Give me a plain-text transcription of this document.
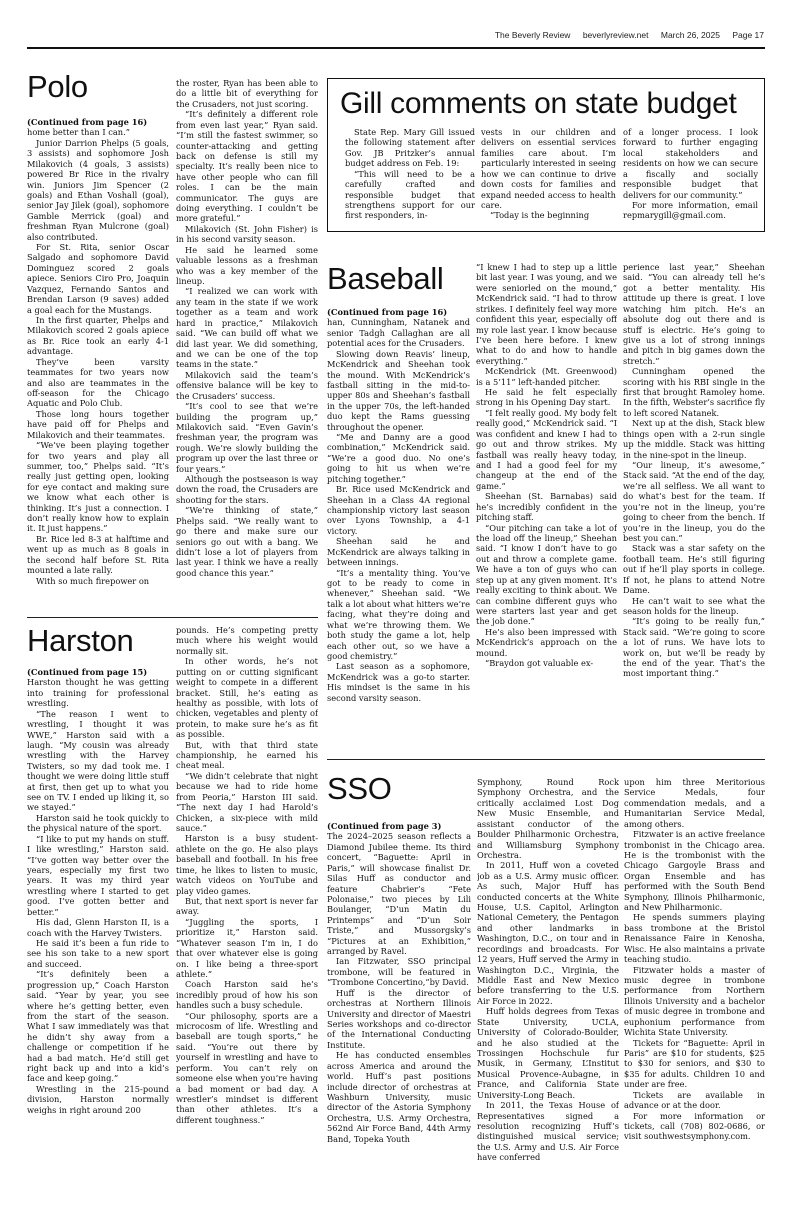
The Beverly Review beverlyreview.net March 26, 2025 Page 17
Polo

(Continued from page 16)
home better than I can.”

Junior Darrion Phelps (5 goals, 3 assists) and sophomore Josh Milakovich (4 goals, 3 assists) powered Br Rice in the rivalry win. Juniors Jim Spencer (2 goals) and Ethan Voshall (goal), senior Jay Jilek (goal), sophomore Gamble Merrick (goal) and freshman Ryan Mulcrone (goal) also contributed.

For St. Rita, senior Oscar Salgado and sophomore David Dominguez scored 2 goals apiece. Seniors Ciro Pro, Joaquin Vazquez, Fernando Santos and Brendan Larson (9 saves) added a goal each for the Mustangs.

In the first quarter, Phelps and Milakovich scored 2 goals apiece as Br. Rice took an early 4-1 advantage.

They’ve been varsity teammates for two years now and also are teammates in the off-season for the Chicago Aquatic and Polo Club.

Those long hours together have paid off for Phelps and Milakovich and their teammates.

“We’ve been playing together for two years and play all summer, too,” Phelps said. “It’s really just getting open, looking for eye contact and making sure we know what each other is thinking. It’s just a connection. I don’t really know how to explain it. It just happens.”

Br. Rice led 8-3 at halftime and went up as much as 8 goals in the second half before St. Rita mounted a late rally.

With so much firepower on

the roster, Ryan has been able to do a little bit of everything for the Crusaders, not just scoring.

“It’s definitely a different role from even last year,” Ryan said. “I’m still the fastest swimmer, so counter-attacking and getting back on defense is still my specialty. It’s really been nice to have other people who can fill roles. I can be the main communicator. The guys are doing everything. I couldn’t be more grateful.”

Milakovich (St. John Fisher) is in his second varsity season.

He said he learned some valuable lessons as a freshman who was a key member of the lineup.

“I realized we can work with any team in the state if we work together as a team and work hard in practice,” Milakovich said. “We can build off what we did last year. We did something, and we can be one of the top teams in the state.”

Milakovich said the team’s offensive balance will be key to the Crusaders’ success.

“It’s cool to see that we’re building the program up,” Milakovich said. “Even Gavin’s freshman year, the program was rough. We’re slowly building the program up over the last three or four years.”

Although the postseason is way down the road, the Crusaders are shooting for the stars.

“We’re thinking of state,” Phelps said. “We really want to go there and make sure our seniors go out with a bang. We didn’t lose a lot of players from last year. I think we have a really good chance this year.”

Gill comments on state budget

State Rep. Mary Gill issued the following statement after Gov. JB Pritzker’s annual budget address on Feb. 19:

“This will need to be a carefully crafted and responsible budget that strengthens support for our first responders, in-

vests in our children and delivers on essential services families care about. I’m particularly interested in seeing how we can continue to drive down costs for families and expand needed access to health care.

“Today is the beginning

of a longer process. I look forward to further engaging local stakeholders and residents on how we can secure a fiscally and socially responsible budget that delivers for our community.”

For more information, email repmarygill@gmail.com.

Baseball

(Continued from page 16)
han, Cunningham, Natanek and senior Tadgh Callaghan are all potential aces for the Crusaders.

Slowing down Reavis’ lineup, McKendrick and Sheehan took the mound. With McKendrick’s fastball sitting in the mid-to-upper 80s and Sheehan’s fastball in the upper 70s, the left-handed duo kept the Rams guessing throughout the opener.

“Me and Danny are a good combination,” McKendrick said. “We’re a good duo. No one’s going to hit us when we’re pitching together.”

Br. Rice used McKendrick and Sheehan in a Class 4A regional championship victory last season over Lyons Township, a 4-1 victory.

Sheehan said he and McKendrick are always talking in between innings.

“It’s a mentality thing. You’ve got to be ready to come in whenever,” Sheehan said. “We talk a lot about what hitters we’re facing, what they’re doing and what we’re throwing them. We both study the game a lot, help each other out, so we have a good chemistry.”

Last season as a sophomore, McKendrick was a go-to starter. His mindset is the same in his second varsity season.

“I knew I had to step up a little bit last year. I was young, and we were seniorled on the mound,” McKendrick said. “I had to throw strikes. I definitely feel way more confident this year, especially off my role last year. I know because I’ve been here before. I knew what to do and how to handle everything.”

McKendrick (Mt. Greenwood) is a 5’11” left-handed pitcher.

He said he felt especially strong in his Opening Day start.

“I felt really good. My body felt really good,” McKendrick said. “I was confident and knew I had to go out and throw strikes. My fastball was really heavy today, and I had a good feel for my changeup at the end of the game.”

Sheehan (St. Barnabas) said he’s incredibly confident in the pitching staff.

“Our pitching can take a lot of the load off the lineup,” Sheehan said. “I know I don’t have to go out and throw a complete game. We have a ton of guys who can step up at any given moment. It’s really exciting to think about. We can combine different guys who were starters last year and get the job done.”

He’s also been impressed with McKendrick’s approach on the mound.

“Braydon got valuable ex-

perience last year,” Sheehan said. “You can already tell he’s got a better mentality. His attitude up there is great. I love watching him pitch. He’s an absolute dog out there and is stuff is electric. He’s going to give us a lot of strong innings and pitch in big games down the stretch.”

Cunningham opened the scoring with his RBI single in the first that brought Ramoley home. In the fifth, Webster’s sacrifice fly to left scored Natanek.

Next up at the dish, Stack blew things open with a 2-run single up the middle. Stack was hitting in the nine-spot in the lineup.

“Our lineup, it’s awesome,” Stack said. “At the end of the day, we’re all selfless. We all want to do what’s best for the team. If you’re not in the lineup, you’re going to cheer from the bench. If you’re in the lineup, you do the best you can.”

Stack was a star safety on the football team. He’s still figuring out if he’ll play sports in college. If not, he plans to attend Notre Dame.

He can’t wait to see what the season holds for the lineup.

“It’s going to be really fun,” Stack said. “We’re going to score a lot of runs. We have lots to work on, but we’ll be ready by the end of the year. That’s the most important thing.”

Harston

(Continued from page 15)
Harston thought he was getting into training for professional wrestling.

“The reason I went to wrestling, I thought it was WWE,” Harston said with a laugh. “My cousin was already wrestling with the Harvey Twisters, so my dad took me. I thought we were doing little stuff at first, then get up to what you see on TV. I ended up liking it, so we stayed.”

Harston said he took quickly to the physical nature of the sport.

“I like to put my hands on stuff. I like wrestling,” Harston said. “I’ve gotten way better over the years, especially my first two years. It was my third year wrestling where I started to get good. I’ve gotten better and better.”

His dad, Glenn Harston II, is a coach with the Harvey Twisters.

He said it’s been a fun ride to see his son take to a new sport and succeed.

“It’s definitely been a progression up,” Coach Harston said. “Year by year, you see where he’s getting better, even from the start of the season. What I saw immediately was that he didn’t shy away from a challenge or competition if he had a bad match. He’d still get right back up and into a kid’s face and keep going.”

Wrestling in the 215-pound division, Harston normally weighs in right around 200

pounds. He’s competing pretty much where his weight would normally sit.

In other words, he’s not putting on or cutting significant weight to compete in a different bracket. Still, he’s eating as healthy as possible, with lots of chicken, vegetables and plenty of protein, to make sure he’s as fit as possible.

But, with that third state championship, he earned his cheat meal.

“We didn’t celebrate that night because we had to ride home from Peoria,” Harston III said. “The next day I had Harold’s Chicken, a six-piece with mild sauce.”

Harston is a busy student-athlete on the go. He also plays baseball and football. In his free time, he likes to listen to music, watch videos on YouTube and play video games.

But, that next sport is never far away.

“Juggling the sports, I prioritize it,” Harston said. “Whatever season I’m in, I do that over whatever else is going on. I like being a three-sport athlete.”

Coach Harston said he’s incredibly proud of how his son handles such a busy schedule.

“Our philosophy, sports are a microcosm of life. Wrestling and baseball are tough sports,” he said. “You’re out there by yourself in wrestling and have to perform. You can’t rely on someone else when you’re having a bad moment or bad day. A wrestler’s mindset is different than other athletes. It’s a different toughness.”

SSO

(Continued from page 3)
The 2024–2025 season reflects a Diamond Jubilee theme. Its third concert, “Baguette: April in Paris,” will showcase finalist Dr. Silas Huff as conductor and feature Chabrier’s “Fete Polonaise,” two pieces by Lili Boulanger, “D’un Matin du Printemps” and “D’un Soir Triste,” and Mussorgsky’s “Pictures at an Exhibition,” arranged by Ravel.

Ian Fitzwater, SSO principal trombone, will be featured in “Trombone Concertino,”by David.

Huff is the director of orchestras at Northern Illinois University and director of Maestri Series workshops and co-director of the International Conducting Institute.

He has conducted ensembles across America and around the world. Huff’s past positions include director of orchestras at Washburn University, music director of the Astoria Symphony Orchestra, U.S. Army Orchestra, 562nd Air Force Band, 44th Army Band, Topeka Youth

Symphony, Round Rock Symphony Orchestra, and the critically acclaimed Lost Dog New Music Ensemble, and assistant conductor of the Boulder Philharmonic Orchestra, and Williamsburg Symphony Orchestra.

In 2011, Huff won a coveted job as a U.S. Army music officer. As such, Major Huff has conducted concerts at the White House, U.S. Capitol, Arlington National Cemetery, the Pentagon and other landmarks in Washington, D.C., on tour and in recordings and broadcasts. For 12 years, Huff served the Army in Washington D.C., Virginia, the Middle East and New Mexico before transferring to the U.S. Air Force in 2022.

Huff holds degrees from Texas State University, UCLA, University of Colorado-Boulder, and he also studied at the Trossingen Hochschule fur Musik, in Germany, L’Institut Musical Provence-Aubagne, in France, and California State University-Long Beach.

In 2011, the Texas House of Representatives signed a resolution recognizing Huff’s distinguished musical service; the U.S. Army and U.S. Air Force have conferred

upon him three Meritorious Service Medals, four commendation medals, and a Humanitarian Service Medal, among others.

Fitzwater is an active freelance trombonist in the Chicago area. He is the trombonist with the Chicago Gargoyle Brass and Organ Ensemble and has performed with the South Bend Symphony, Illinois Philharmonic, and New Philharmonic.

He spends summers playing bass trombone at the Bristol Renaissance Faire in Kenosha, Wisc. He also maintains a private teaching studio.

Fitzwater holds a master of music degree in trombone performance from Northern Illinois University and a bachelor of music degree in trombone and euphonium performance from Wichita State University.

Tickets for “Baguette: April in Paris” are $10 for students, $25 to $30 for seniors, and $30 to $35 for adults. Children 10 and under are free.

Tickets are available in advance or at the door.

For more information or tickets, call (708) 802-0686, or visit southwestsymphony.com.
